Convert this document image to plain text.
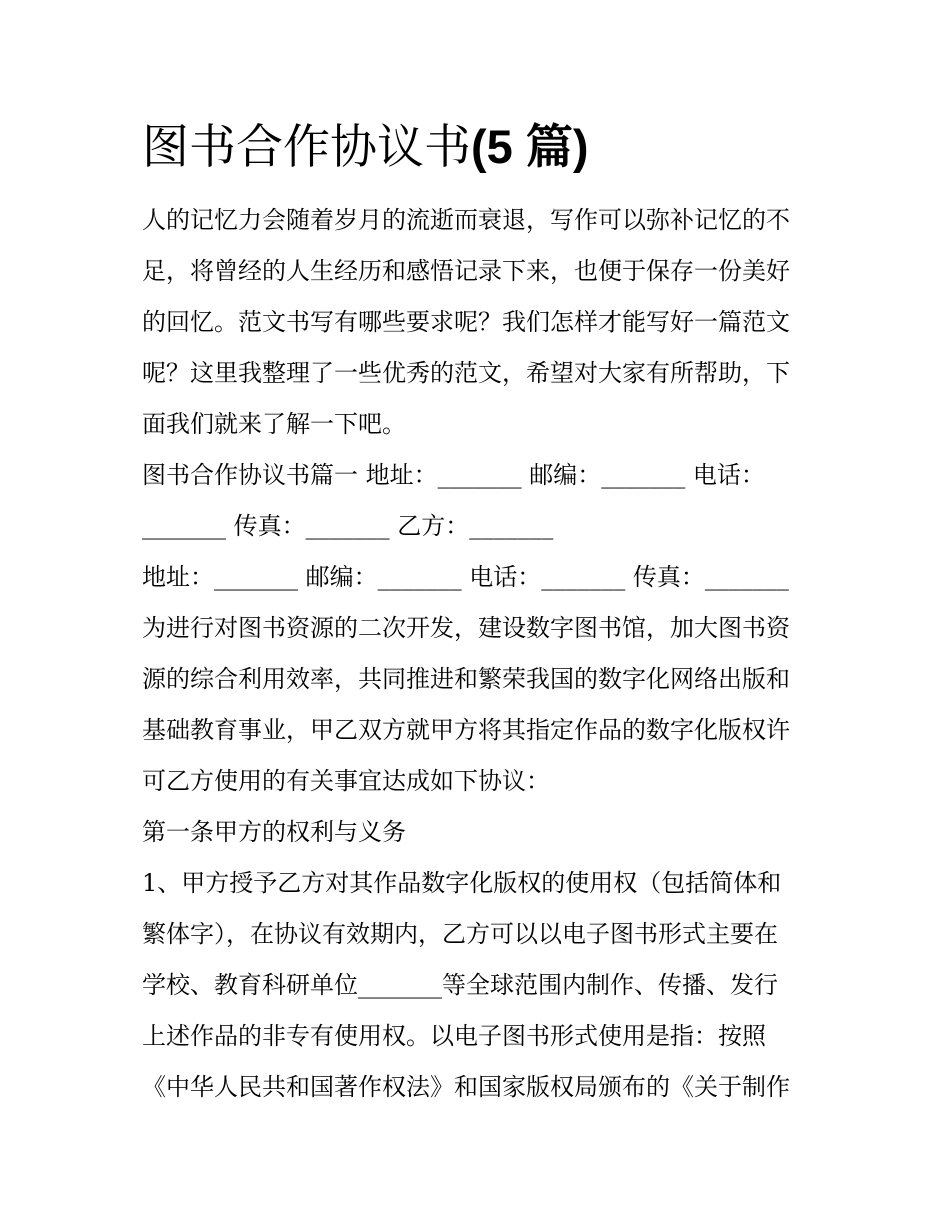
图书合作协议书(5 篇)
人的记忆力会随着岁月的流逝而衰退，写作可以弥补记忆的不
足，将曾经的人生经历和感悟记录下来，也便于保存一份美好
的回忆。范文书写有哪些要求呢？我们怎样才能写好一篇范文
呢？这里我整理了一些优秀的范文，希望对大家有所帮助，下
面我们就来了解一下吧。
图书合作协议书篇一 地址：_______ 邮编：_______ 电话：
_______ 传真：_______ 乙方：_______
地址：_______ 邮编：_______ 电话：_______ 传真：_______
为进行对图书资源的二次开发，建设数字图书馆，加大图书资
源的综合利用效率，共同推进和繁荣我国的数字化网络出版和
基础教育事业，甲乙双方就甲方将其指定作品的数字化版权许
可乙方使用的有关事宜达成如下协议：
第一条甲方的权利与义务
1、甲方授予乙方对其作品数字化版权的使用权（包括简体和
繁体字），在协议有效期内，乙方可以以电子图书形式主要在
学校、教育科研单位_______等全球范围内制作、传播、发行
上述作品的非专有使用权。以电子图书形式使用是指：按照
《中华人民共和国著作权法》和国家版权局颁布的《关于制作
